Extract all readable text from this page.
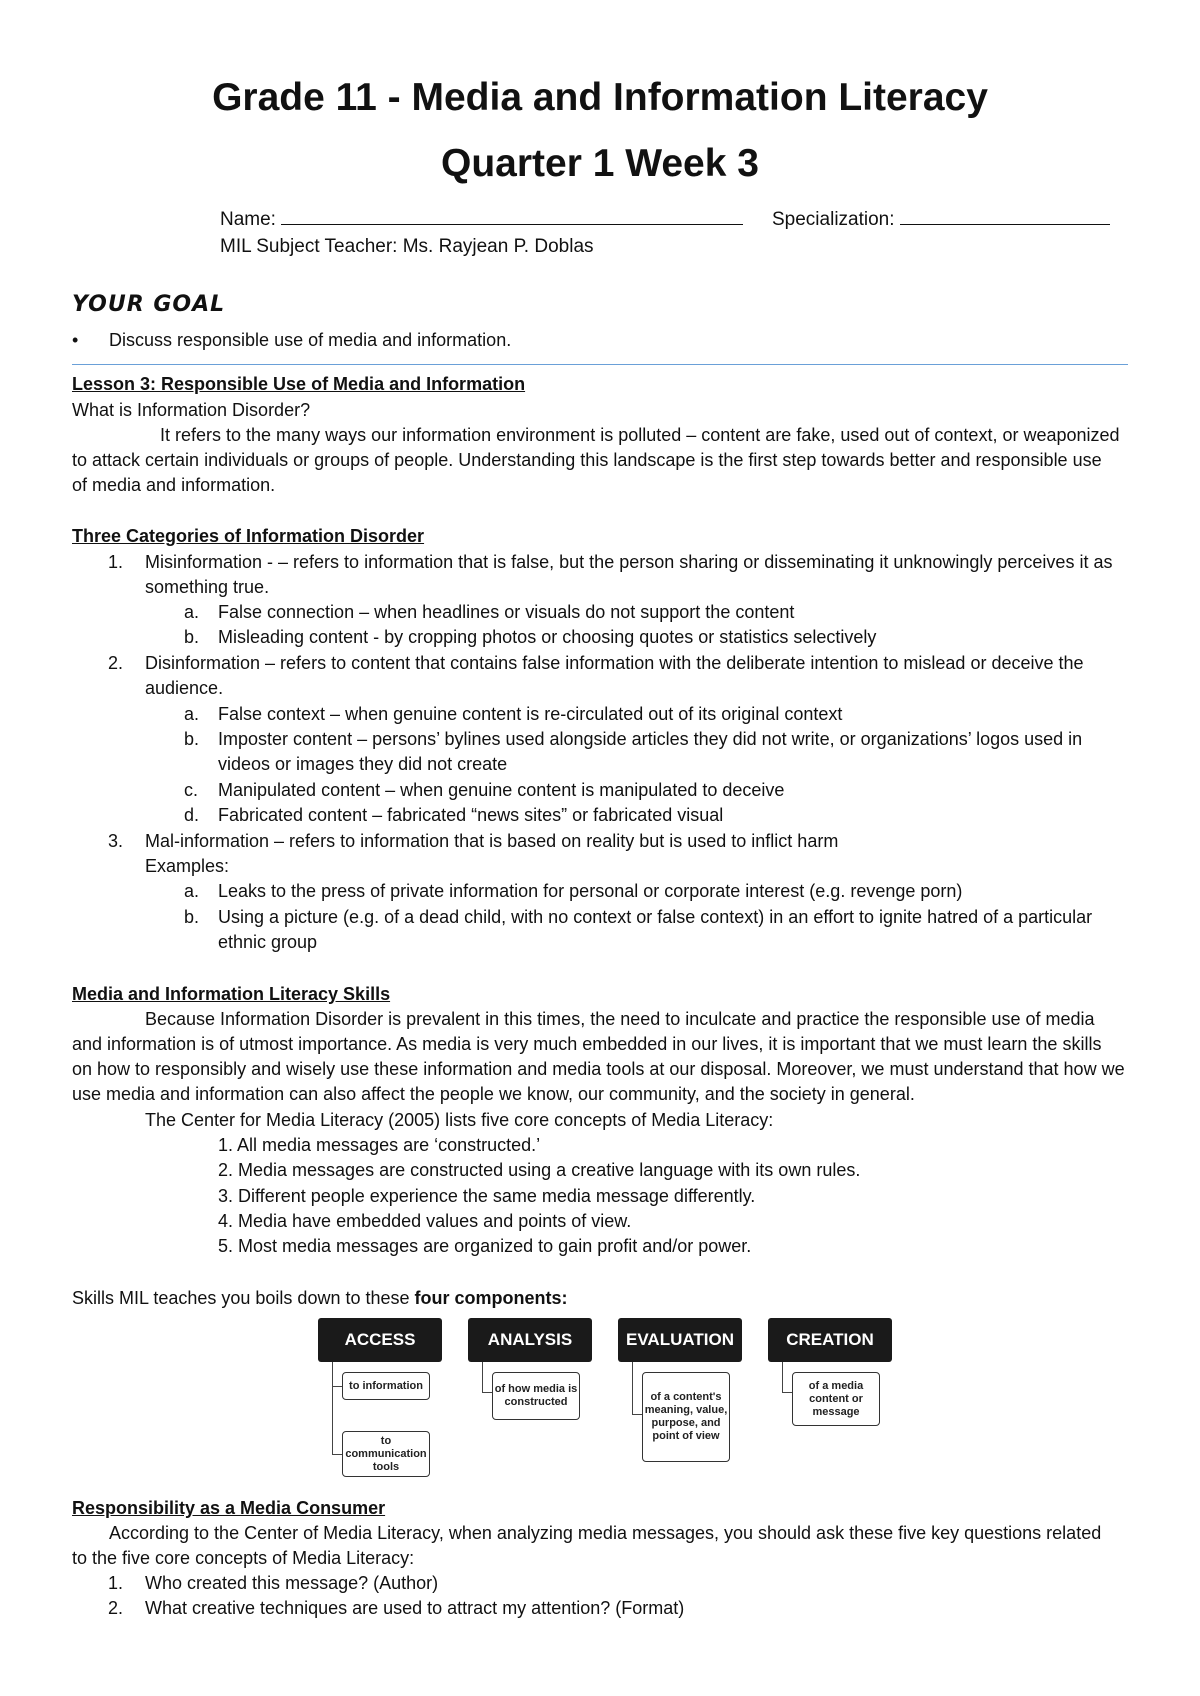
Grade 11 - Media and Information Literacy
Quarter 1 Week 3
Name:	Specialization:
MIL Subject Teacher: Ms. Rayjean P. Doblas
YOUR GOAL
• Discuss responsible use of media and information.
Lesson 3: Responsible Use of Media and Information
What is Information Disorder?
It refers to the many ways our information environment is polluted – content are fake, used out of context, or weaponized
to attack certain individuals or groups of people. Understanding this landscape is the first step towards better and responsible use
of media and information.
Three Categories of Information Disorder
1. Misinformation - – refers to information that is false, but the person sharing or disseminating it unknowingly perceives it as
something true.
a. False connection – when headlines or visuals do not support the content
b. Misleading content - by cropping photos or choosing quotes or statistics selectively
2. Disinformation – refers to content that contains false information with the deliberate intention to mislead or deceive the
audience.
a. False context – when genuine content is re-circulated out of its original context
b. Imposter content – persons’ bylines used alongside articles they did not write, or organizations’ logos used in
videos or images they did not create
c. Manipulated content – when genuine content is manipulated to deceive
d. Fabricated content – fabricated “news sites” or fabricated visual
3. Mal-information – refers to information that is based on reality but is used to inflict harm
Examples:
a. Leaks to the press of private information for personal or corporate interest (e.g. revenge porn)
b. Using a picture (e.g. of a dead child, with no context or false context) in an effort to ignite hatred of a particular
ethnic group
Media and Information Literacy Skills
Because Information Disorder is prevalent in this times, the need to inculcate and practice the responsible use of media
and information is of utmost importance. As media is very much embedded in our lives, it is important that we must learn the skills
on how to responsibly and wisely use these information and media tools at our disposal. Moreover, we must understand that how we
use media and information can also affect the people we know, our community, and the society in general.
The Center for Media Literacy (2005) lists five core concepts of Media Literacy:
1. All media messages are ‘constructed.’
2. Media messages are constructed using a creative language with its own rules.
3. Different people experience the same media message differently.
4. Media have embedded values and points of view.
5. Most media messages are organized to gain profit and/or power.
Skills MIL teaches you boils down to these four components:
ACCESS
to information
to communication tools
ANALYSIS
of how media is constructed
EVALUATION
of a content's meaning, value, purpose, and point of view
CREATION
of a media content or message
Responsibility as a Media Consumer
According to the Center of Media Literacy, when analyzing media messages, you should ask these five key questions related
to the five core concepts of Media Literacy:
1. Who created this message? (Author)
2. What creative techniques are used to attract my attention? (Format)
